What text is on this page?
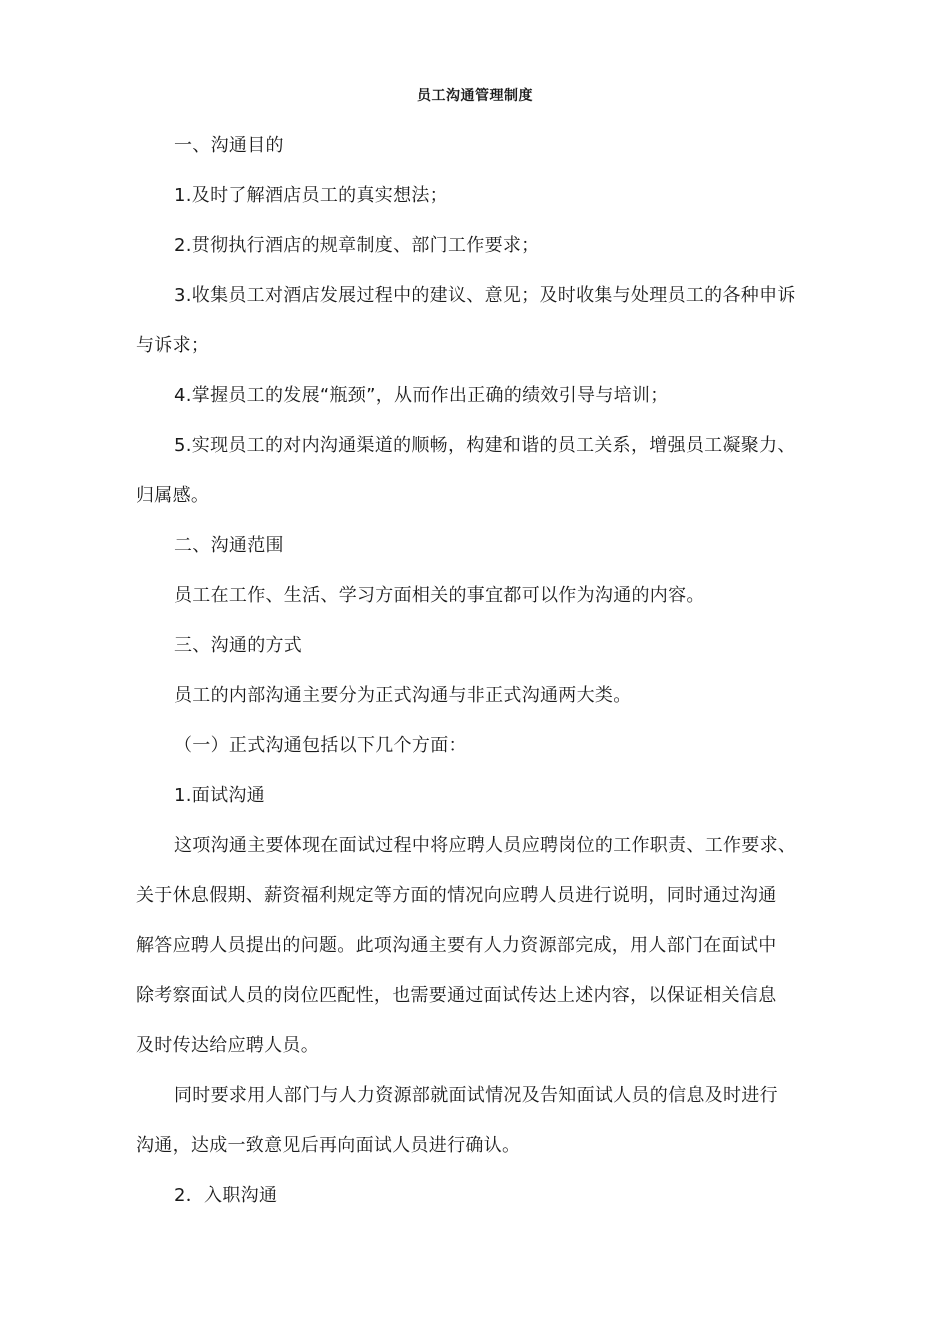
员工沟通管理制度
一、沟通目的
1.及时了解酒店员工的真实想法；
2.贯彻执行酒店的规章制度、部门工作要求；
3.收集员工对酒店发展过程中的建议、意见；及时收集与处理员工的各种申诉
与诉求；
4.掌握员工的发展“瓶颈”，从而作出正确的绩效引导与培训；
5.实现员工的对内沟通渠道的顺畅，构建和谐的员工关系，增强员工凝聚力、
归属感。
二、沟通范围
员工在工作、生活、学习方面相关的事宜都可以作为沟通的内容。
三、沟通的方式
员工的内部沟通主要分为正式沟通与非正式沟通两大类。
（一）正式沟通包括以下几个方面：
1.面试沟通
这项沟通主要体现在面试过程中将应聘人员应聘岗位的工作职责、工作要求、
关于休息假期、薪资福利规定等方面的情况向应聘人员进行说明，同时通过沟通
解答应聘人员提出的问题。此项沟通主要有人力资源部完成，用人部门在面试中
除考察面试人员的岗位匹配性，也需要通过面试传达上述内容，以保证相关信息
及时传达给应聘人员。
同时要求用人部门与人力资源部就面试情况及告知面试人员的信息及时进行
沟通，达成一致意见后再向面试人员进行确认。
2．入职沟通
